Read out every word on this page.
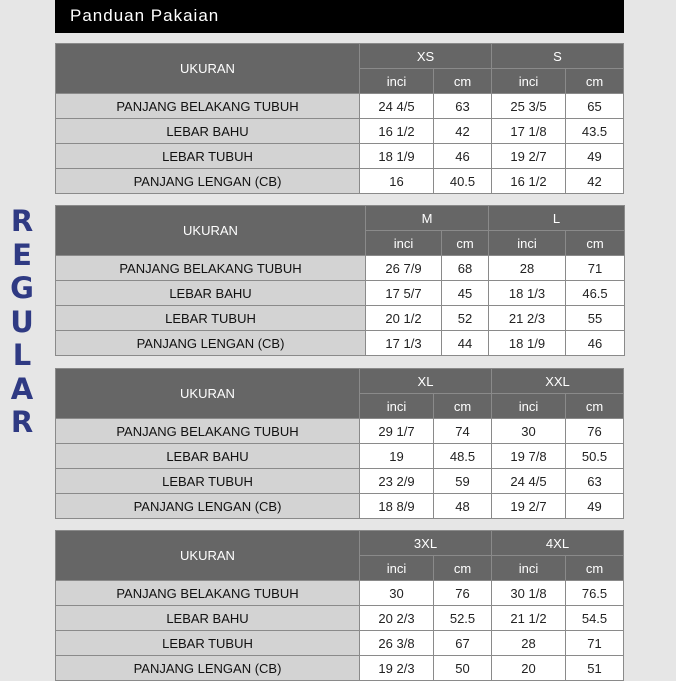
Panduan Pakaian
R
E
G
U
L
A
R
UKURAN	XS		S	
	inci	cm	inci	cm
PANJANG BELAKANG TUBUH	24 4/5	63	25 3/5	65
LEBAR BAHU	16 1/2	42	17 1/8	43.5
LEBAR TUBUH	18 1/9	46	19 2/7	49
PANJANG LENGAN (CB)	16	40.5	16 1/2	42
UKURAN	M		L	
	inci	cm	inci	cm
PANJANG BELAKANG TUBUH	26 7/9	68	28	71
LEBAR BAHU	17 5/7	45	18 1/3	46.5
LEBAR TUBUH	20 1/2	52	21 2/3	55
PANJANG LENGAN (CB)	17 1/3	44	18 1/9	46
UKURAN	XL		XXL	
	inci	cm	inci	cm
PANJANG BELAKANG TUBUH	29 1/7	74	30	76
LEBAR BAHU	19	48.5	19 7/8	50.5
LEBAR TUBUH	23 2/9	59	24 4/5	63
PANJANG LENGAN (CB)	18 8/9	48	19 2/7	49
UKURAN	3XL		4XL	
	inci	cm	inci	cm
PANJANG BELAKANG TUBUH	30	76	30 1/8	76.5
LEBAR BAHU	20 2/3	52.5	21 1/2	54.5
LEBAR TUBUH	26 3/8	67	28	71
PANJANG LENGAN (CB)	19 2/3	50	20	51
